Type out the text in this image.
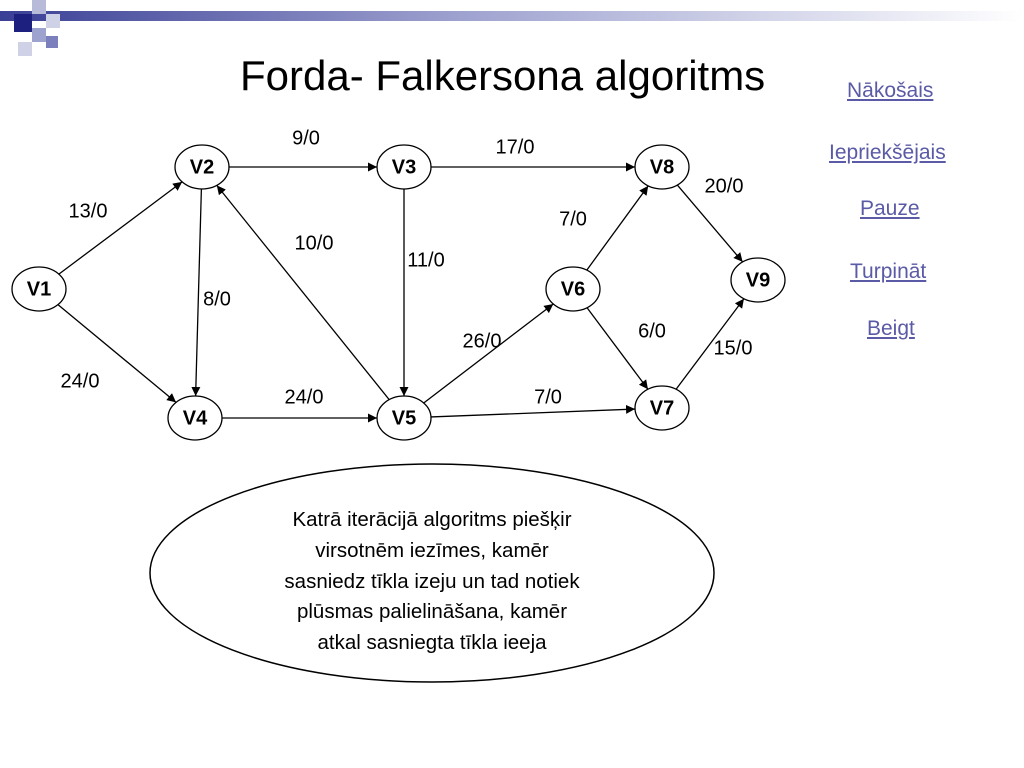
Forda- Falkersona algoritms	Nākošais
Iepriekšējais
Pauze
Turpināt
Beigt
13/0
24/0
9/0
8/0
10/0
17/0
11/0
24/0
26/0
7/0
7/0
6/0
20/0
15/0
V1
V2	V3
V4	V5
V6
V7
V8
V9
Katrā iterācijā algoritms piešķir
virsotnēm iezīmes, kamēr
sasniedz tīkla izeju un tad notiek
plūsmas palielināšana, kamēr
atkal sasniegta tīkla ieeja
